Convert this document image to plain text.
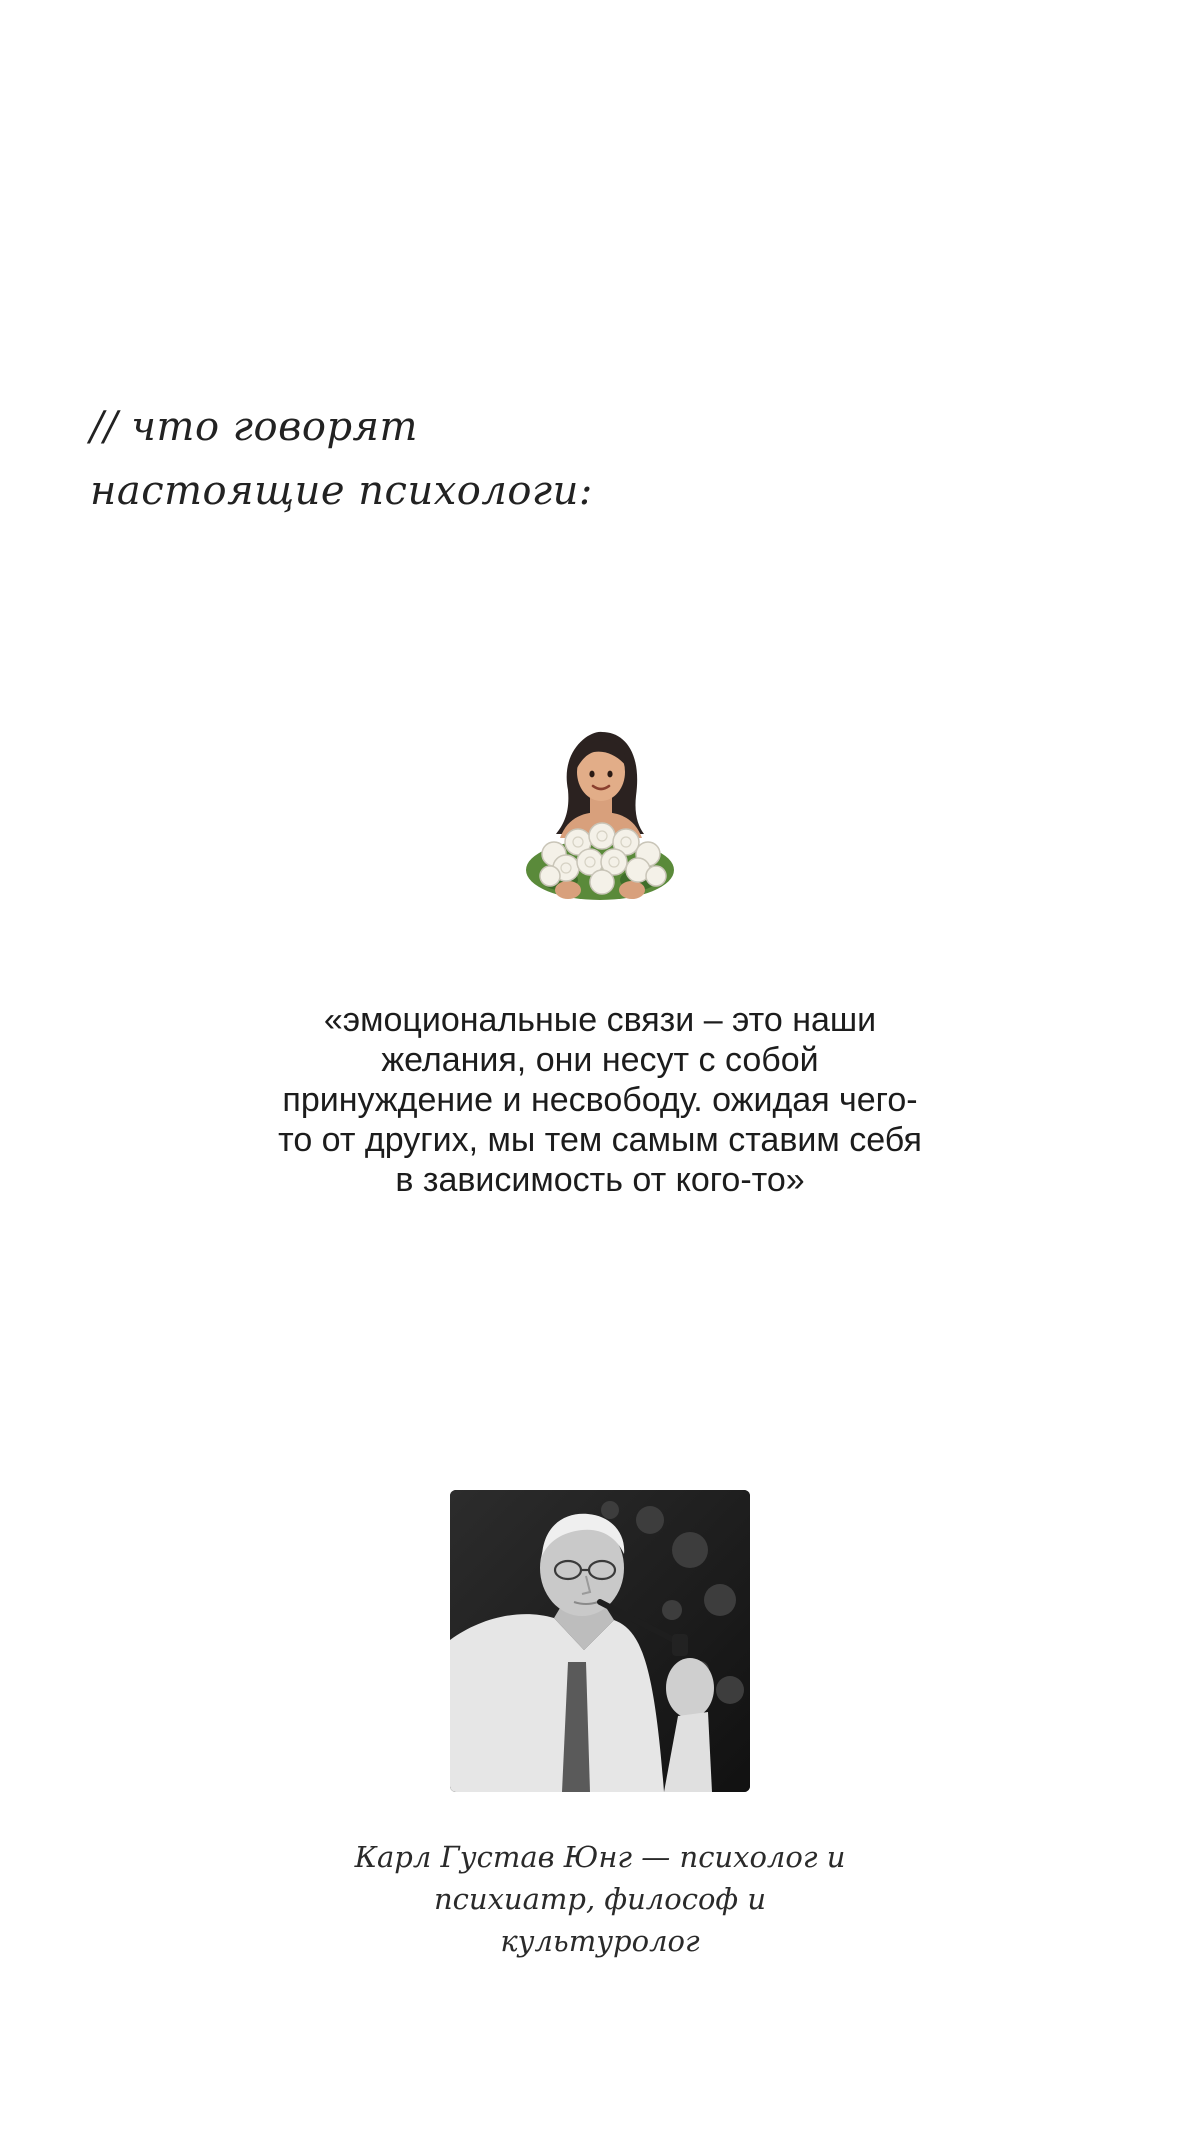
// что говорят
настоящие психологи:
«эмоциональные связи – это наши
желания, они несут с собой
принуждение и несвободу. ожидая чего-
то от других, мы тем самым ставим себя
в зависимость от кого-то»
Карл Густав Юнг — психолог и
психиатр, философ и
культуролог
